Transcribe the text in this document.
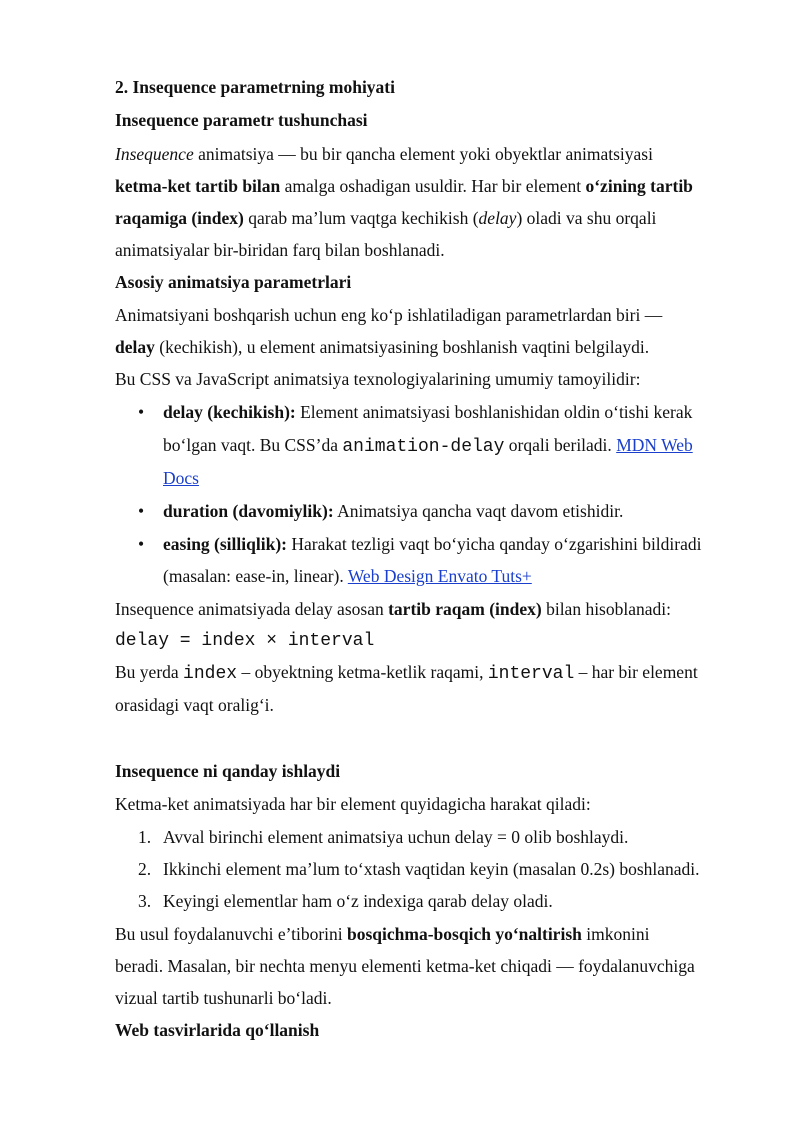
2. Insequence parametrning mohiyati
Insequence parametr tushunchasi
Insequence animatsiya — bu bir qancha element yoki obyektlar animatsiyasi
ketma-ket tartib bilan amalga oshadigan usuldir. Har bir element o‘zining tartib
raqamiga (index) qarab ma’lum vaqtga kechikish (delay) oladi va shu orqali
animatsiyalar bir-biridan farq bilan boshlanadi.
Asosiy animatsiya parametrlari
Animatsiyani boshqarish uchun eng ko‘p ishlatiladigan parametrlardan biri —
delay (kechikish), u element animatsiyasining boshlanish vaqtini belgilaydi.
Bu CSS va JavaScript animatsiya texnologiyalarining umumiy tamoyilidir:
• delay (kechikish): Element animatsiyasi boshlanishidan oldin o‘tishi kerak
bo‘lgan vaqt. Bu CSS’da animation-delay orqali beriladi. MDN Web
Docs
• duration (davomiylik): Animatsiya qancha vaqt davom etishidir.
• easing (silliqlik): Harakat tezligi vaqt bo‘yicha qanday o‘zgarishini bildiradi
(masalan: ease-in, linear). Web Design Envato Tuts+
Insequence animatsiyada delay asosan tartib raqam (index) bilan hisoblanadi:
delay = index × interval
Bu yerda index – obyektning ketma-ketlik raqami, interval – har bir element
orasidagi vaqt oralig‘i.
Insequence ni qanday ishlaydi
Ketma-ket animatsiyada har bir element quyidagicha harakat qiladi:
1. Avval birinchi element animatsiya uchun delay = 0 olib boshlaydi.
2. Ikkinchi element ma’lum to‘xtash vaqtidan keyin (masalan 0.2s) boshlanadi.
3. Keyingi elementlar ham o‘z indexiga qarab delay oladi.
Bu usul foydalanuvchi e’tiborini bosqichma-bosqich yo‘naltirish imkonini
beradi. Masalan, bir nechta menyu elementi ketma-ket chiqadi — foydalanuvchiga
vizual tartib tushunarli bo‘ladi.
Web tasvirlarida qo‘llanish
